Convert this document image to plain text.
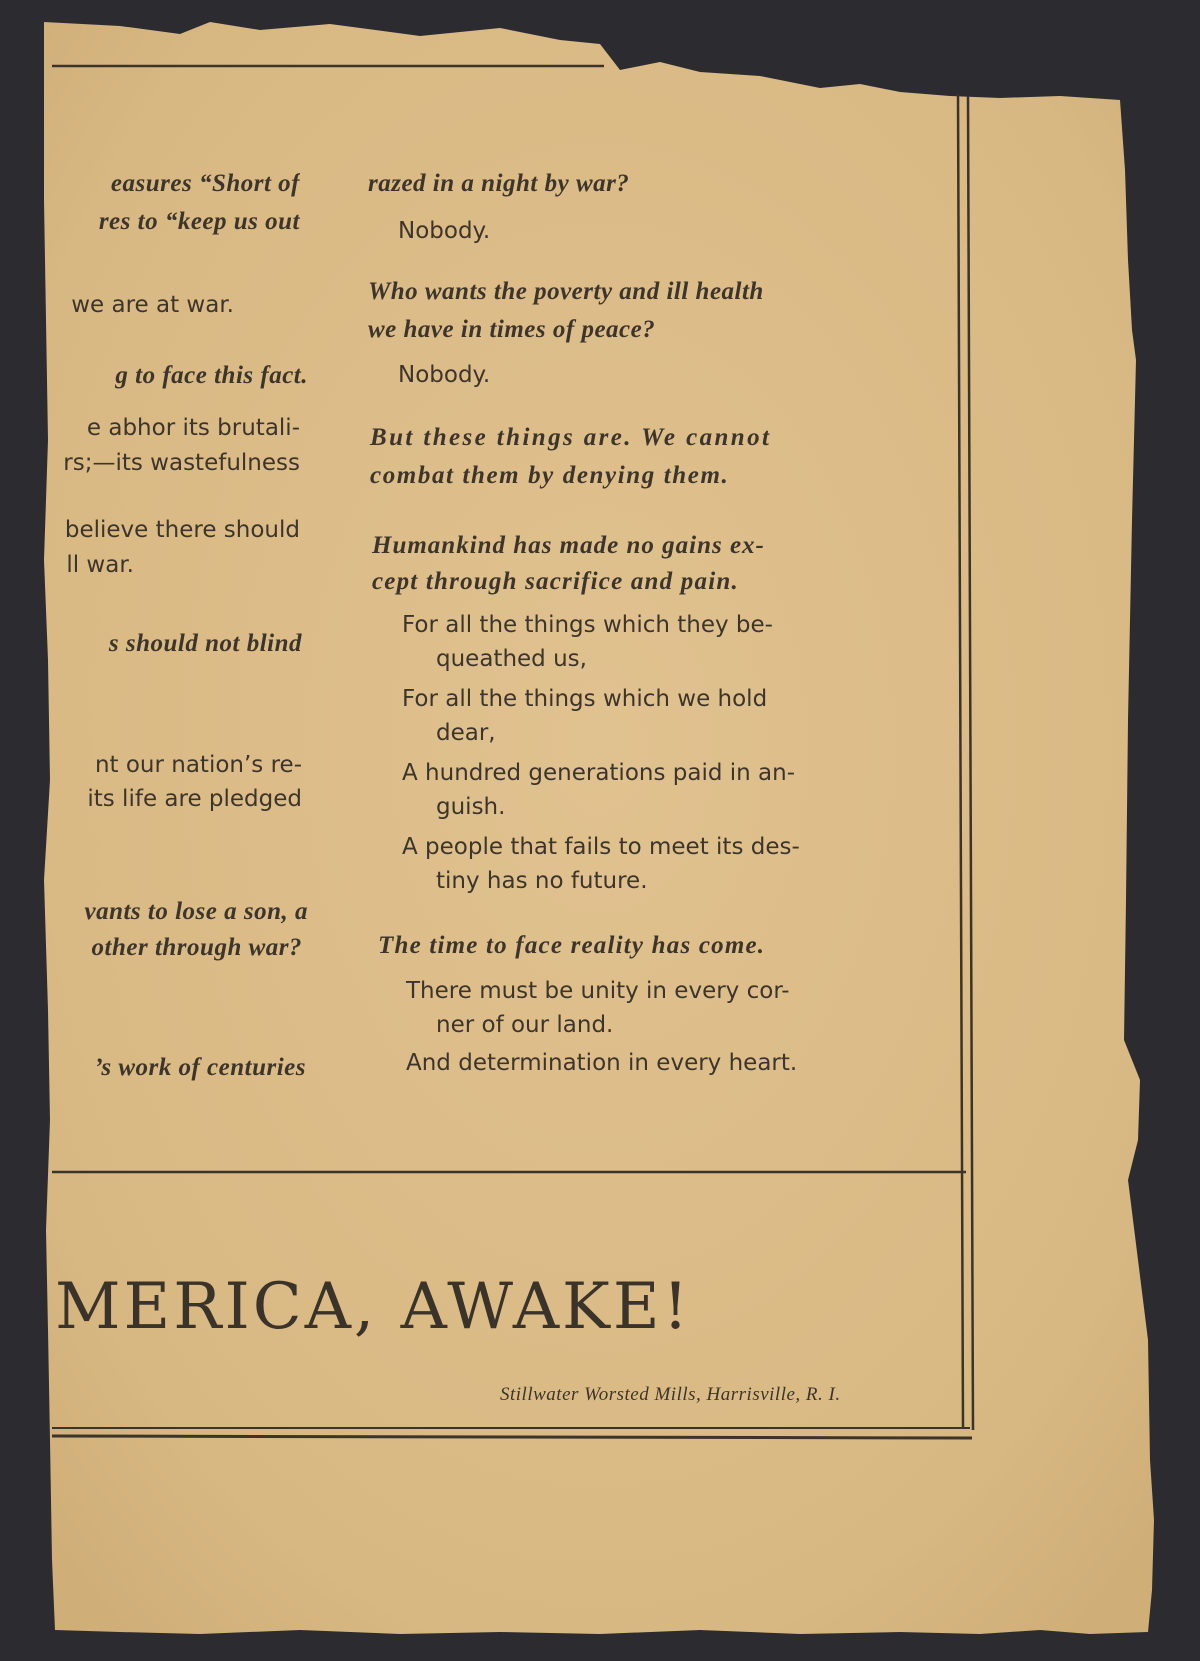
easures “Short of
res to “keep us out
we are at war.
g to face this fact.
e abhor its brutali-
rs;—its wastefulness
believe there should
ll war.
s should not blind
nt our nation’s re-
its life are pledged
vants to lose a son, a
other through war?
’s work of centuries
razed in a night by war?
Nobody.
Who wants the poverty and ill health
we have in times of peace?
Nobody.
But these things are. We cannot
combat them by denying them.
Humankind has made no gains ex-
cept through sacrifice and pain.
For all the things which they be-
queathed us,
For all the things which we hold
dear,
A hundred generations paid in an-
guish.
A people that fails to meet its des-
tiny has no future.
The time to face reality has come.
There must be unity in every cor-
ner of our land.
And determination in every heart.
MERICA, AWAKE!
Stillwater Worsted Mills, Harrisville, R. I.
